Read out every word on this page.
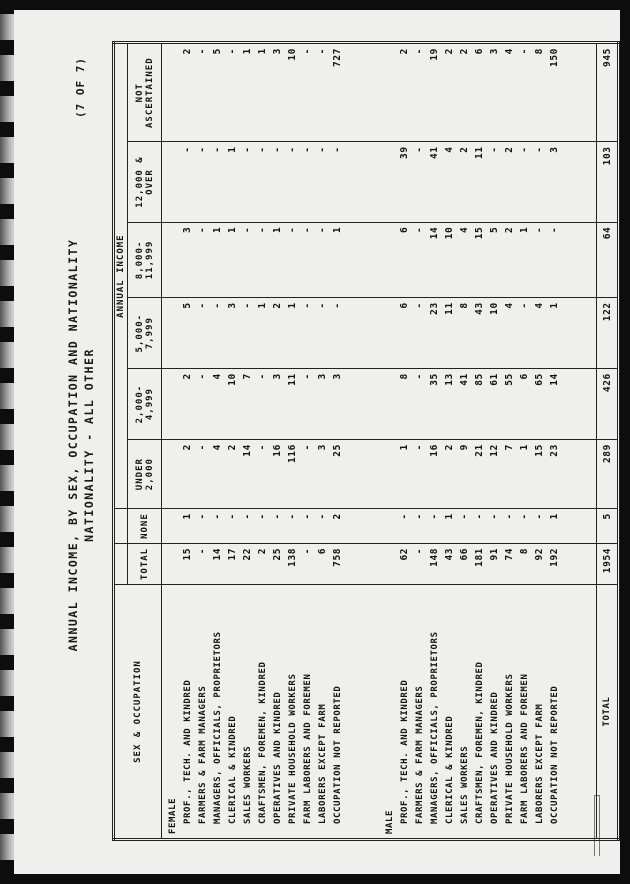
ANNUAL INCOME, BY SEX, OCCUPATION AND NATIONALITY NATIONALITY - ALL OTHER
(7 OF 7)
SEX & OCCUPATION			ANNUAL INCOME					
	TOTAL	NONE	UNDER 2,000	2,000-4,999	5,000-7,999	8,000-11,999	12,000 & OVER	NOT ASCERTAINED
FEMALE								
PROF., TECH. AND KINDRED	15	1	2	2	5	3	-	2
FARMERS & FARM MANAGERS	-	-	-	-	-	-	-	-
MANAGERS, OFFICIALS, PROPRIETORS	14	-	4	4	-	1	-	5
CLERICAL & KINDRED	17	-	2	10	3	1	1	-
SALES WORKERS	22	-	14	7	-	-	-	1
CRAFTSMEN, FOREMEN, KINDRED	2	-	-	-	1	-	-	1
OPERATIVES AND KINDRED	25	-	16	3	2	1	-	3
PRIVATE HOUSEHOLD WORKERS	138	-	116	11	1	-	-	10
FARM LABORERS AND FOREMEN	-	-	-	-	-	-	-	-
LABORERS EXCEPT FARM	6	-	3	3	-	-	-	-
OCCUPATION NOT REPORTED	758	2	25	3	-	1	-	727

MALE								
PROF., TECH. AND KINDRED	62	-	1	8	6	6	39	2
FARMERS & FARM MANAGERS	-	-	-	-	-	-	-	-
MANAGERS, OFFICIALS, PROPRIETORS	148	-	16	35	23	14	41	19
CLERICAL & KINDRED	43	1	2	13	11	10	4	2
SALES WORKERS	66	-	9	41	8	4	2	2
CRAFTSMEN, FOREMEN, KINDRED	181	-	21	85	43	15	11	6
OPERATIVES AND KINDRED	91	-	12	61	10	5	-	3
PRIVATE HOUSEHOLD WORKERS	74	-	7	55	4	2	2	4
FARM LABORERS AND FOREMEN	8	-	1	6	-	1	-	-
LABORERS EXCEPT FARM	92	-	15	65	4	-	-	8
OCCUPATION NOT REPORTED	192	1	23	14	1	-	3	150

TOTAL	1954	5	289	426	122	64	103	945
